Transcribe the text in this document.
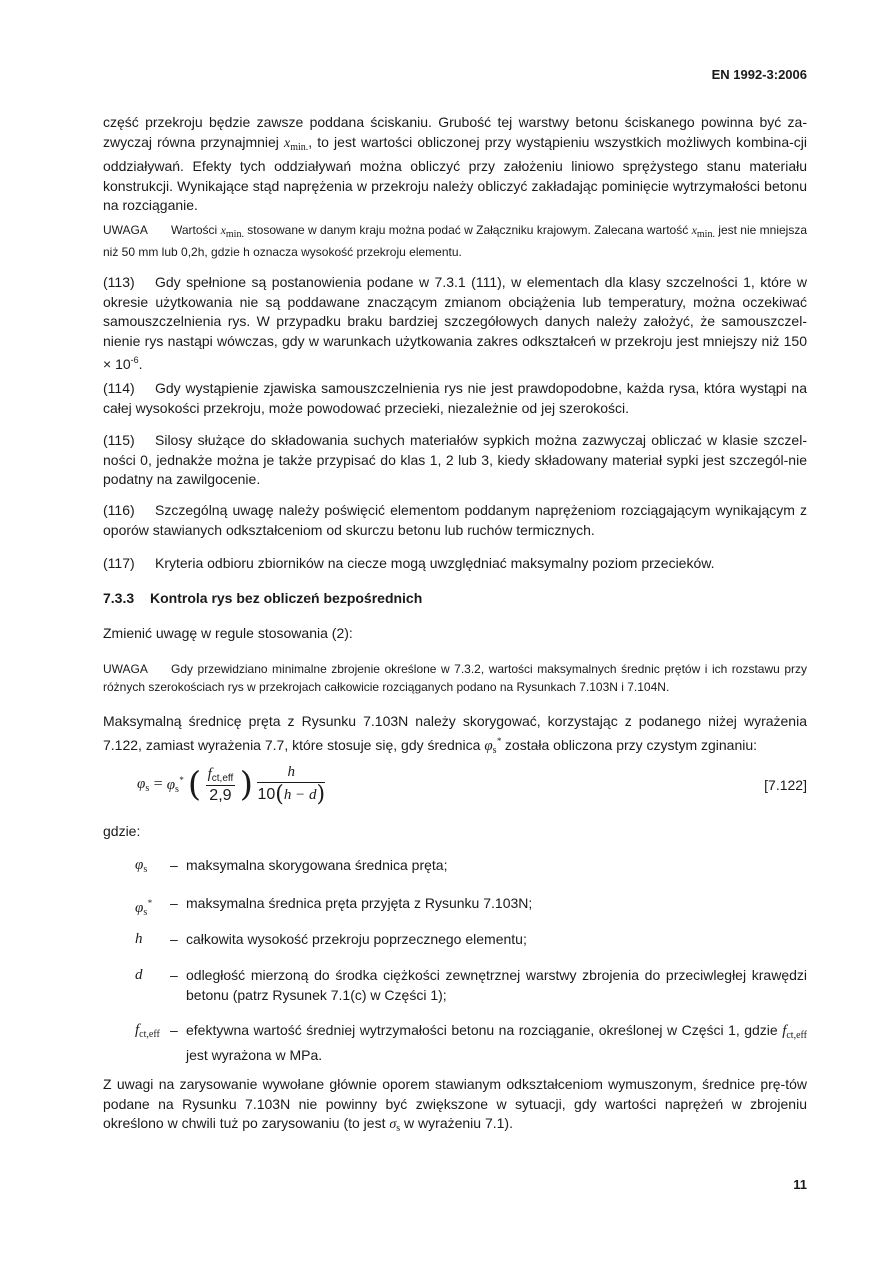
EN 1992-3:2006

część przekroju będzie zawsze poddana ściskaniu. Grubość tej warstwy betonu ściskanego powinna być za-zwyczaj równa przynajmniej $x_{min.}$, to jest wartości obliczonej przy wystąpieniu wszystkich możliwych kombina-cji oddziaływań. Efekty tych oddziaływań można obliczyć przy założeniu liniowo sprężystego stanu materiału konstrukcji. Wynikające stąd naprężenia w przekroju należy obliczyć zakładając pominięcie wytrzymałości betonu na rozciąganie.

UWAGA Wartości $x_{min.}$ stosowane w danym kraju można podać w Załączniku krajowym. Zalecana wartość $x_{min.}$ jest nie mniejsza niż 50 mm lub 0,2h, gdzie h oznacza wysokość przekroju elementu.

(113) Gdy spełnione są postanowienia podane w 7.3.1 (111), w elementach dla klasy szczelności 1, które w okresie użytkowania nie są poddawane znaczącym zmianom obciążenia lub temperatury, można oczekiwać samouszczelnienia rys. W przypadku braku bardziej szczegółowych danych należy założyć, że samouszczel-nienie rys nastąpi wówczas, gdy w warunkach użytkowania zakres odkształceń w przekroju jest mniejszy niż $150 \times 10^{-6}$.

(114) Gdy wystąpienie zjawiska samouszczelnienia rys nie jest prawdopodobne, każda rysa, która wystąpi na całej wysokości przekroju, może powodować przecieki, niezależnie od jej szerokości.

(115) Silosy służące do składowania suchych materiałów sypkich można zazwyczaj obliczać w klasie szczel-ności 0, jednakże można je także przypisać do klas 1, 2 lub 3, kiedy składowany materiał sypki jest szczegól-nie podatny na zawilgocenie.

(116) Szczególną uwagę należy poświęcić elementom poddanym naprężeniom rozciągającym wynikającym z oporów stawianych odkształceniom od skurczu betonu lub ruchów termicznych.

(117) Kryteria odbioru zbiorników na ciecze mogą uwzględniać maksymalny poziom przecieków.

7.3.3 Kontrola rys bez obliczeń bezpośrednich

Zmienić uwagę w regule stosowania (2):

UWAGA Gdy przewidziano minimalne zbrojenie określone w 7.3.2, wartości maksymalnych średnic prętów i ich rozstawu przy różnych szerokościach rys w przekrojach całkowicie rozciąganych podano na Rysunkach 7.103N i 7.104N.

Maksymalną średnicę pręta z Rysunku 7.103N należy skorygować, korzystając z podanego niżej wyrażenia 7.122, zamiast wyrażenia 7.7, które stosuje się, gdy średnica $\varphi_s^*$ została obliczona przy czystym zginaniu:

$\varphi_s = \varphi_s^*$ ( $\frac{f_{ct,eff}}{2,9}$ ) $\frac{h}{10(h - d)}$	[7.122]

gdzie:

$\varphi_s$	– maksymalna skorygowana średnica pręta;
$\varphi_s^*$	– maksymalna średnica pręta przyjęta z Rysunku 7.103N;
h	– całkowita wysokość przekroju poprzecznego elementu;
d	– odległość mierzoną do środka ciężkości zewnętrznej warstwy zbrojenia do przeciwległej krawędzi betonu (patrz Rysunek 7.1(c) w Części 1);
$f_{ct,eff}$ – efektywna wartość średniej wytrzymałości betonu na rozciąganie, określonej w Części 1, gdzie $f_{ct,eff}$ jest wyrażona w MPa.

Z uwagi na zarysowanie wywołane głównie oporem stawianym odkształceniom wymuszonym, średnice prę-tów podane na Rysunku 7.103N nie powinny być zwiększone w sytuacji, gdy wartości naprężeń w zbrojeniu określono w chwili tuż po zarysowaniu (to jest $\sigma_s$ w wyrażeniu 7.1).

11
